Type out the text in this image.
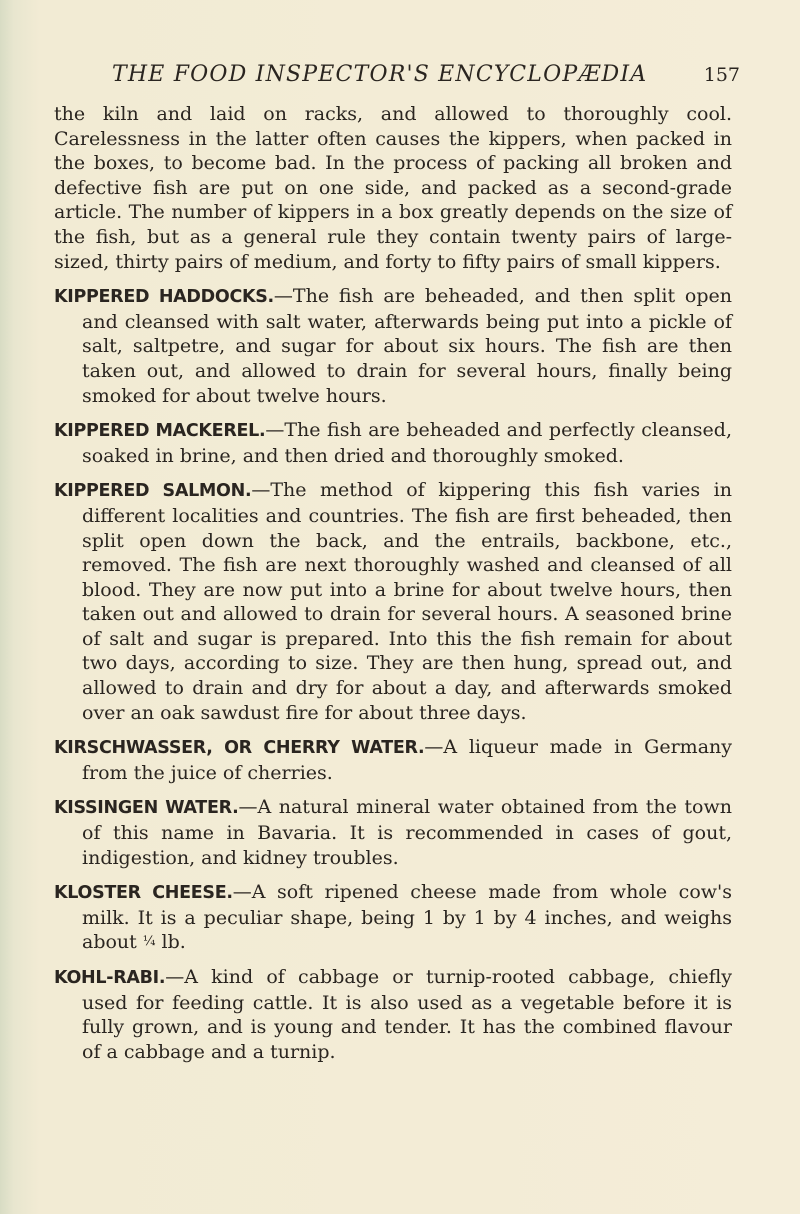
THE FOOD INSPECTOR'S ENCYCLOPÆDIA	157

the kiln and laid on racks, and allowed to thoroughly cool. Carelessness in the latter often causes the kippers, when packed in the boxes, to become bad. In the process of packing all broken and defective fish are put on one side, and packed as a second-grade article. The number of kippers in a box greatly depends on the size of the fish, but as a general rule they contain twenty pairs of large-sized, thirty pairs of medium, and forty to fifty pairs of small kippers.

KIPPERED HADDOCKS.—The fish are beheaded, and then split open and cleansed with salt water, afterwards being put into a pickle of salt, saltpetre, and sugar for about six hours. The fish are then taken out, and allowed to drain for several hours, finally being smoked for about twelve hours.

KIPPERED MACKEREL.—The fish are beheaded and perfectly cleansed, soaked in brine, and then dried and thoroughly smoked.

KIPPERED SALMON.—The method of kippering this fish varies in different localities and countries. The fish are first beheaded, then split open down the back, and the entrails, backbone, etc., removed. The fish are next thoroughly washed and cleansed of all blood. They are now put into a brine for about twelve hours, then taken out and allowed to drain for several hours. A seasoned brine of salt and sugar is prepared. Into this the fish remain for about two days, according to size. They are then hung, spread out, and allowed to drain and dry for about a day, and afterwards smoked over an oak sawdust fire for about three days.

KIRSCHWASSER, OR CHERRY WATER.—A liqueur made in Germany from the juice of cherries.

KISSINGEN WATER.—A natural mineral water obtained from the town of this name in Bavaria. It is recommended in cases of gout, indigestion, and kidney troubles.

KLOSTER CHEESE.—A soft ripened cheese made from whole cow's milk. It is a peculiar shape, being 1 by 1 by 4 inches, and weighs about ¼ lb.

KOHL-RABI.—A kind of cabbage or turnip-rooted cabbage, chiefly used for feeding cattle. It is also used as a vegetable before it is fully grown, and is young and tender. It has the combined flavour of a cabbage and a turnip.
